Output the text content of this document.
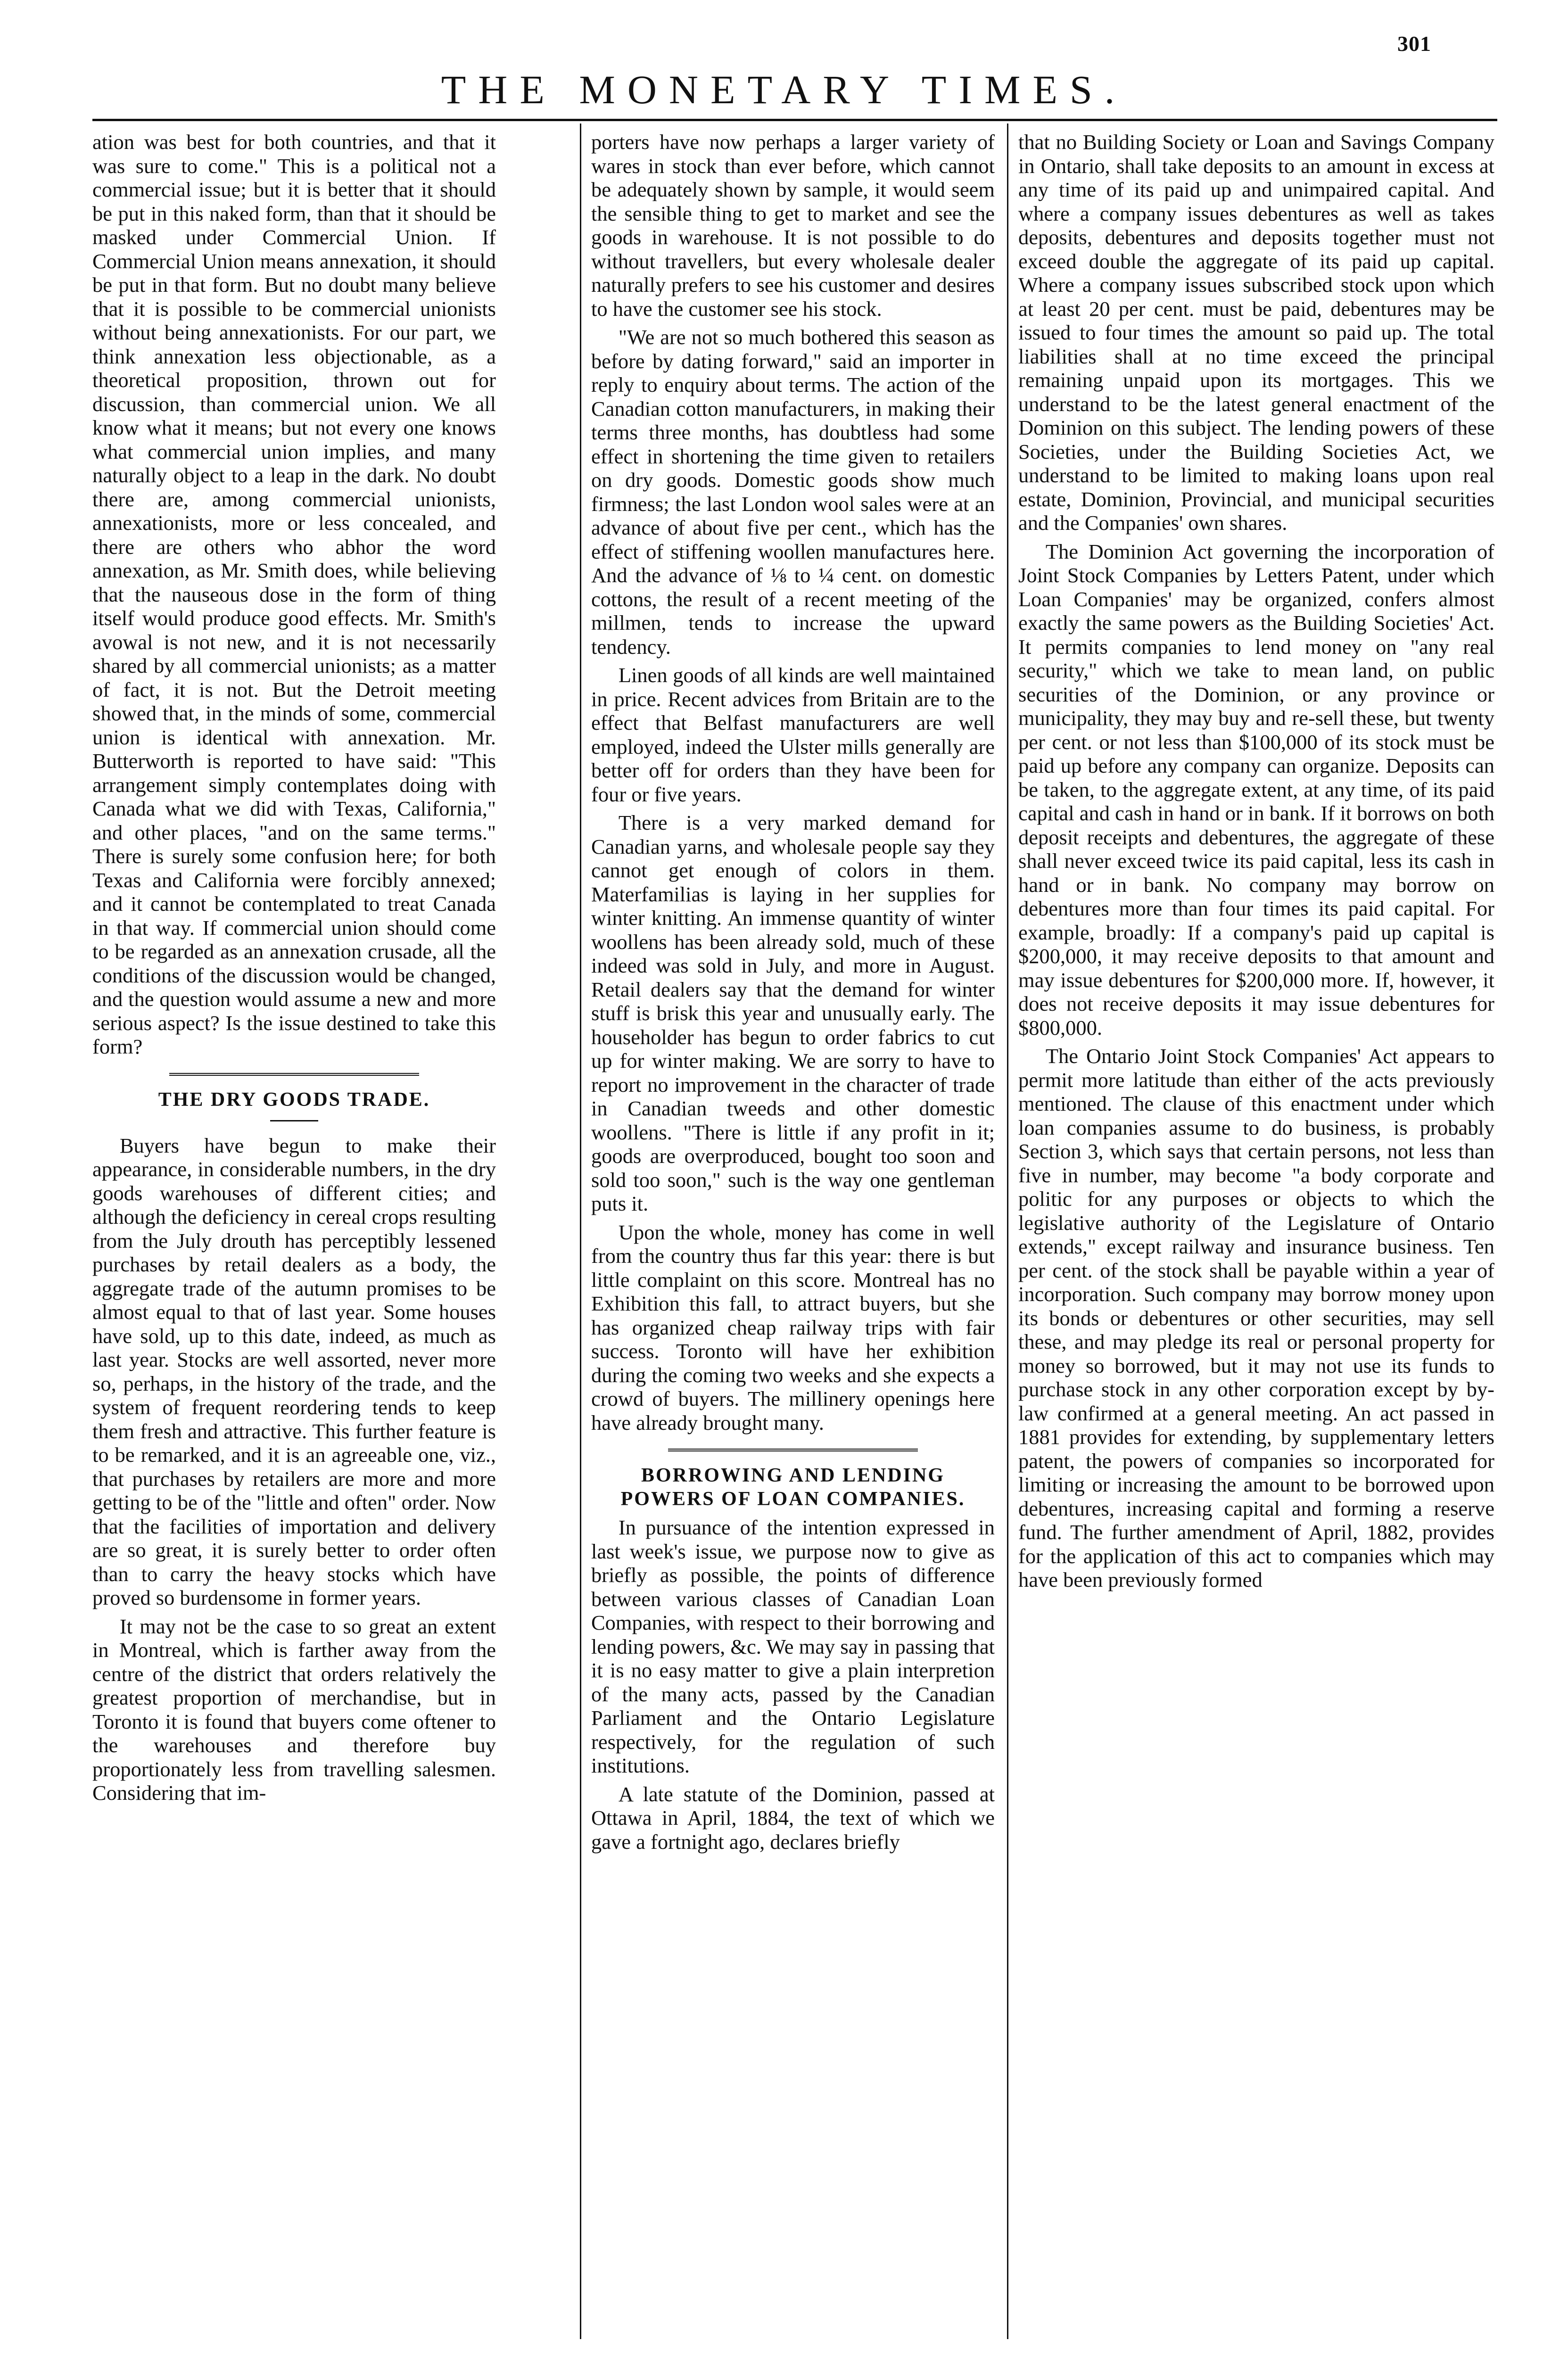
301
THE MONETARY TIMES.

ation was best for both countries, and that it was sure to come." This is a political not a commercial issue; but it is better that it should be put in this naked form, than that it should be masked under Commercial Union. If Commercial Union means annexation, it should be put in that form. But no doubt many believe that it is possible to be commercial unionists without being annexationists. For our part, we think annexation less objectionable, as a theoretical proposition, thrown out for discussion, than commercial union. We all know what it means; but not every one knows what commercial union implies, and many naturally object to a leap in the dark. No doubt there are, among commercial unionists, annexationists, more or less concealed, and there are others who abhor the word annexation, as Mr. Smith does, while believing that the nauseous dose in the form of thing itself would produce good effects. Mr. Smith's avowal is not new, and it is not necessarily shared by all commercial unionists; as a matter of fact, it is not. But the Detroit meeting showed that, in the minds of some, commercial union is identical with annexation. Mr. Butterworth is reported to have said: "This arrangement simply contemplates doing with Canada what we did with Texas, California," and other places, "and on the same terms." There is surely some confusion here; for both Texas and California were forcibly annexed; and it cannot be contemplated to treat Canada in that way. If commercial union should come to be regarded as an annexation crusade, all the conditions of the discussion would be changed, and the question would assume a new and more serious aspect? Is the issue destined to take this form?

THE DRY GOODS TRADE.

Buyers have begun to make their appearance, in considerable numbers, in the dry goods warehouses of different cities; and although the deficiency in cereal crops resulting from the July drouth has perceptibly lessened purchases by retail dealers as a body, the aggregate trade of the autumn promises to be almost equal to that of last year. Some houses have sold, up to this date, indeed, as much as last year. Stocks are well assorted, never more so, perhaps, in the history of the trade, and the system of frequent reordering tends to keep them fresh and attractive. This further feature is to be remarked, and it is an agreeable one, viz., that purchases by retailers are more and more getting to be of the "little and often" order. Now that the facilities of importation and delivery are so great, it is surely better to order often than to carry the heavy stocks which have proved so burdensome in former years.

It may not be the case to so great an extent in Montreal, which is farther away from the centre of the district that orders relatively the greatest proportion of merchandise, but in Toronto it is found that buyers come oftener to the warehouses and therefore buy proportionately less from travelling salesmen. Considering that im-

porters have now perhaps a larger variety of wares in stock than ever before, which cannot be adequately shown by sample, it would seem the sensible thing to get to market and see the goods in warehouse. It is not possible to do without travellers, but every wholesale dealer naturally prefers to see his customer and desires to have the customer see his stock.

"We are not so much bothered this season as before by dating forward," said an importer in reply to enquiry about terms. The action of the Canadian cotton manufacturers, in making their terms three months, has doubtless had some effect in shortening the time given to retailers on dry goods. Domestic goods show much firmness; the last London wool sales were at an advance of about five per cent., which has the effect of stiffening woollen manufactures here. And the advance of ⅛ to ¼ cent. on domestic cottons, the result of a recent meeting of the millmen, tends to increase the upward tendency.

Linen goods of all kinds are well maintained in price. Recent advices from Britain are to the effect that Belfast manufacturers are well employed, indeed the Ulster mills generally are better off for orders than they have been for four or five years.

There is a very marked demand for Canadian yarns, and wholesale people say they cannot get enough of colors in them. Materfamilias is laying in her supplies for winter knitting. An immense quantity of winter woollens has been already sold, much of these indeed was sold in July, and more in August. Retail dealers say that the demand for winter stuff is brisk this year and unusually early. The householder has begun to order fabrics to cut up for winter making. We are sorry to have to report no improvement in the character of trade in Canadian tweeds and other domestic woollens. "There is little if any profit in it; goods are overproduced, bought too soon and sold too soon," such is the way one gentleman puts it.

Upon the whole, money has come in well from the country thus far this year: there is but little complaint on this score. Montreal has no Exhibition this fall, to attract buyers, but she has organized cheap railway trips with fair success. Toronto will have her exhibition during the coming two weeks and she expects a crowd of buyers. The millinery openings here have already brought many.

BORROWING AND LENDING POWERS OF LOAN COMPANIES.

In pursuance of the intention expressed in last week's issue, we purpose now to give as briefly as possible, the points of difference between various classes of Canadian Loan Companies, with respect to their borrowing and lending powers, &c. We may say in passing that it is no easy matter to give a plain interpretion of the many acts, passed by the Canadian Parliament and the Ontario Legislature respectively, for the regulation of such institutions.

A late statute of the Dominion, passed at Ottawa in April, 1884, the text of which we gave a fortnight ago, declares briefly

that no Building Society or Loan and Savings Company in Ontario, shall take deposits to an amount in excess at any time of its paid up and unimpaired capital. And where a company issues debentures as well as takes deposits, debentures and deposits together must not exceed double the aggregate of its paid up capital. Where a company issues subscribed stock upon which at least 20 per cent. must be paid, debentures may be issued to four times the amount so paid up. The total liabilities shall at no time exceed the principal remaining unpaid upon its mortgages. This we understand to be the latest general enactment of the Dominion on this subject. The lending powers of these Societies, under the Building Societies Act, we understand to be limited to making loans upon real estate, Dominion, Provincial, and municipal securities and the Companies' own shares.

The Dominion Act governing the incorporation of Joint Stock Companies by Letters Patent, under which Loan Companies' may be organized, confers almost exactly the same powers as the Building Societies' Act. It permits companies to lend money on "any real security," which we take to mean land, on public securities of the Dominion, or any province or municipality, they may buy and re-sell these, but twenty per cent. or not less than $100,000 of its stock must be paid up before any company can organize. Deposits can be taken, to the aggregate extent, at any time, of its paid capital and cash in hand or in bank. If it borrows on both deposit receipts and debentures, the aggregate of these shall never exceed twice its paid capital, less its cash in hand or in bank. No company may borrow on debentures more than four times its paid capital. For example, broadly: If a company's paid up capital is $200,000, it may receive deposits to that amount and may issue debentures for $200,000 more. If, however, it does not receive deposits it may issue debentures for $800,000.

The Ontario Joint Stock Companies' Act appears to permit more latitude than either of the acts previously mentioned. The clause of this enactment under which loan companies assume to do business, is probably Section 3, which says that certain persons, not less than five in number, may become "a body corporate and politic for any purposes or objects to which the legislative authority of the Legislature of Ontario extends," except railway and insurance business. Ten per cent. of the stock shall be payable within a year of incorporation. Such company may borrow money upon its bonds or debentures or other securities, may sell these, and may pledge its real or personal property for money so borrowed, but it may not use its funds to purchase stock in any other corporation except by by-law confirmed at a general meeting. An act passed in 1881 provides for extending, by supplementary letters patent, the powers of companies so incorporated for limiting or increasing the amount to be borrowed upon debentures, increasing capital and forming a reserve fund. The further amendment of April, 1882, provides for the application of this act to companies which may have been previously formed
